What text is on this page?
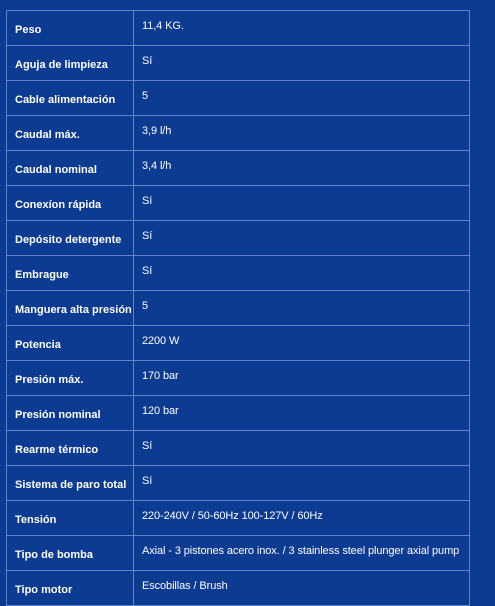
Peso	11,4 KG.
Aguja de limpieza	Sí
Cable alimentación	5
Caudal máx.	3,9 l/h
Caudal nominal	3,4 l/h
Conexíon rápida	Sí
Depósito detergente	Sí
Embrague	Sí
Manguera alta presión	5
Potencia	2200 W
Presión máx.	170 bar
Presión nominal	120 bar
Rearme térmico	Sí
Sistema de paro total	Sí
Tensión	220-240V / 50-60Hz 100-127V / 60Hz
Tipo de bomba	Axial - 3 pistones acero inox. / 3 stainless steel plunger axial pump
Tipo motor	Escobillas / Brush
